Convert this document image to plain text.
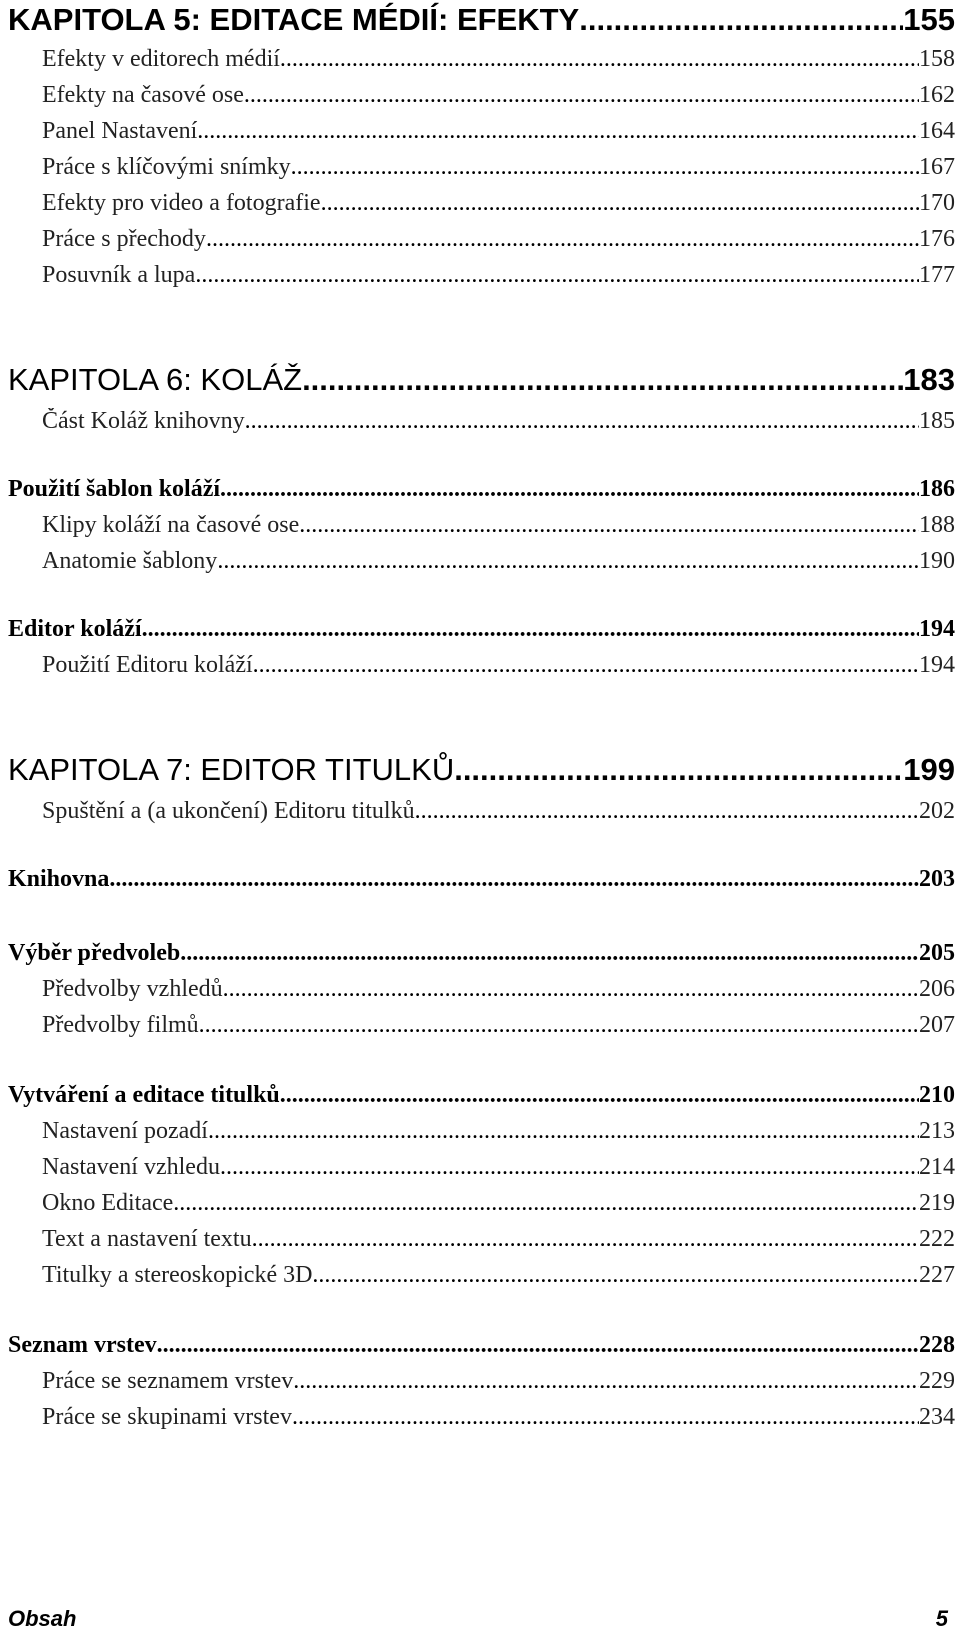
KAPITOLA 5: EDITACE MÉDIÍ: EFEKTY .....	155
Efekty v editorech médií .....	158
Efekty na časové ose .....	162
Panel Nastavení .....	164
Práce s klíčovými snímky .....	167
Efekty pro video a fotografie .....	170
Práce s přechody .....	176
Posuvník a lupa .....	177
KAPITOLA 6: KOLÁŽ .....	183
Část Koláž knihovny .....	185
Použití šablon koláží .....	186
Klipy koláží na časové ose .....	188
Anatomie šablony .....	190
Editor koláží .....	194
Použití Editoru koláží .....	194
KAPITOLA 7: EDITOR TITULKŮ .....	199
Spuštění a (a ukončení) Editoru titulků .....	202
Knihovna .....	203
Výběr předvoleb .....	205
Předvolby vzhledů .....	206
Předvolby filmů .....	207
Vytváření a editace titulků .....	210
Nastavení pozadí .....	213
Nastavení vzhledu .....	214
Okno Editace .....	219
Text a nastavení textu .....	222
Titulky a stereoskopické 3D .....	227
Seznam vrstev .....	228
Práce se seznamem vrstev .....	229
Práce se skupinami vrstev .....	234
Obsah	5
